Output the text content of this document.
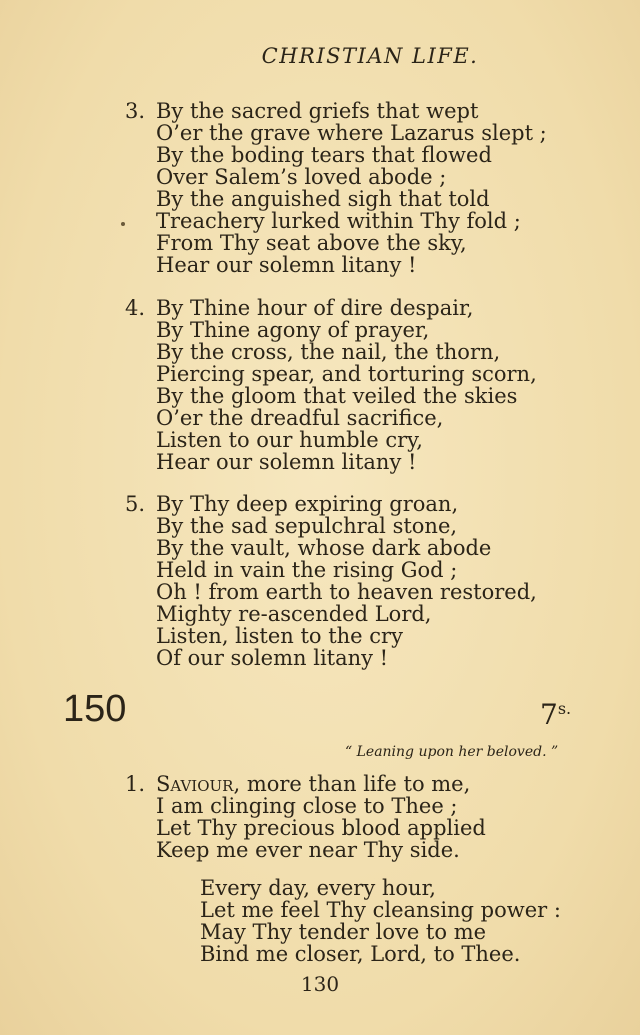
CHRISTIAN LIFE.
3. By the sacred griefs that wept
O’er the grave where Lazarus slept ;
By the boding tears that flowed
Over Salem’s loved abode ;
By the anguished sigh that told
Treachery lurked within Thy fold ;
From Thy seat above the sky,
Hear our solemn litany !
4. By Thine hour of dire despair,
By Thine agony of prayer,
By the cross, the nail, the thorn,
Piercing spear, and torturing scorn,
By the gloom that veiled the skies
O’er the dreadful sacrifice,
Listen to our humble cry,
Hear our solemn litany !
5. By Thy deep expiring groan,
By the sad sepulchral stone,
By the vault, whose dark abode
Held in vain the rising God ;
Oh ! from earth to heaven restored,
Mighty re-ascended Lord,
Listen, listen to the cry
Of our solemn litany !
150	$7^{s.}$
“ Leaning upon her beloved. ”
1. Saviour, more than life to me,
I am clinging close to Thee ;
Let Thy precious blood applied
Keep me ever near Thy side.
Every day, every hour,
Let me feel Thy cleansing power :
May Thy tender love to me
Bind me closer, Lord, to Thee.
130
